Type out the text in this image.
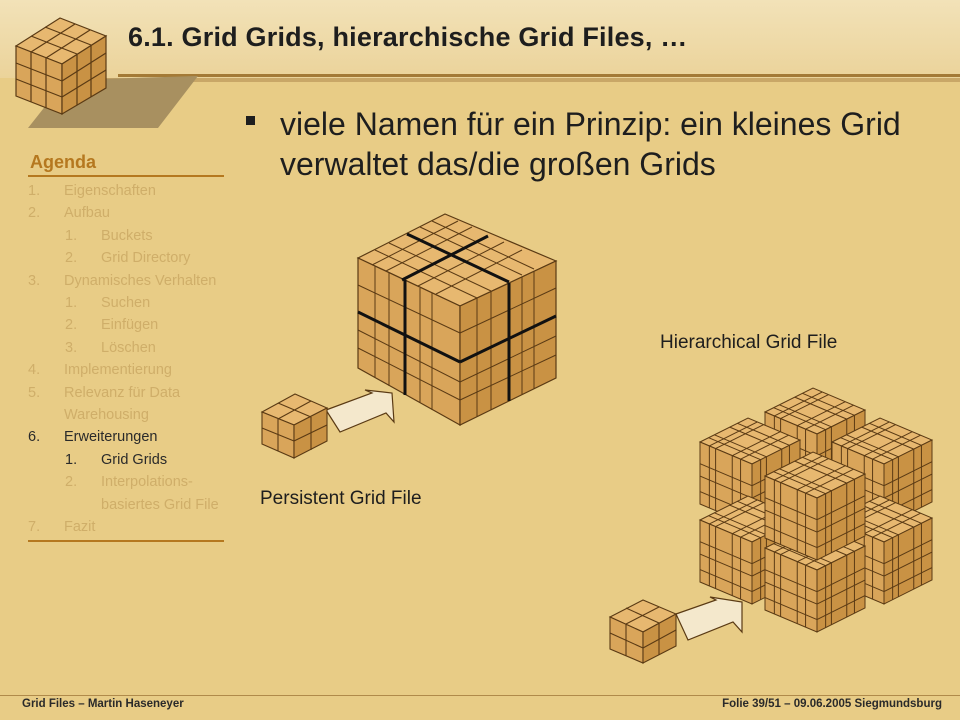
6.1. Grid Grids, hierarchische Grid Files, …
viele Namen für ein Prinzip: ein kleines Grid verwaltet das/die großen Grids
Agenda
1.	Eigenschaften
2.	Aufbau
1.	Buckets
2.	Grid Directory
3.	Dynamisches Verhalten
1.	Suchen
2.	Einfügen
3.	Löschen
4.	Implementierung
5.	Relevanz für Data Warehousing
6.	Erweiterungen
1.	Grid Grids
2.	Interpolations-basiertes Grid File
7.	Fazit
Persistent Grid File
Hierarchical Grid File
Grid Files – Martin Haseneyer	Folie 39/51 – 09.06.2005 Siegmundsburg
